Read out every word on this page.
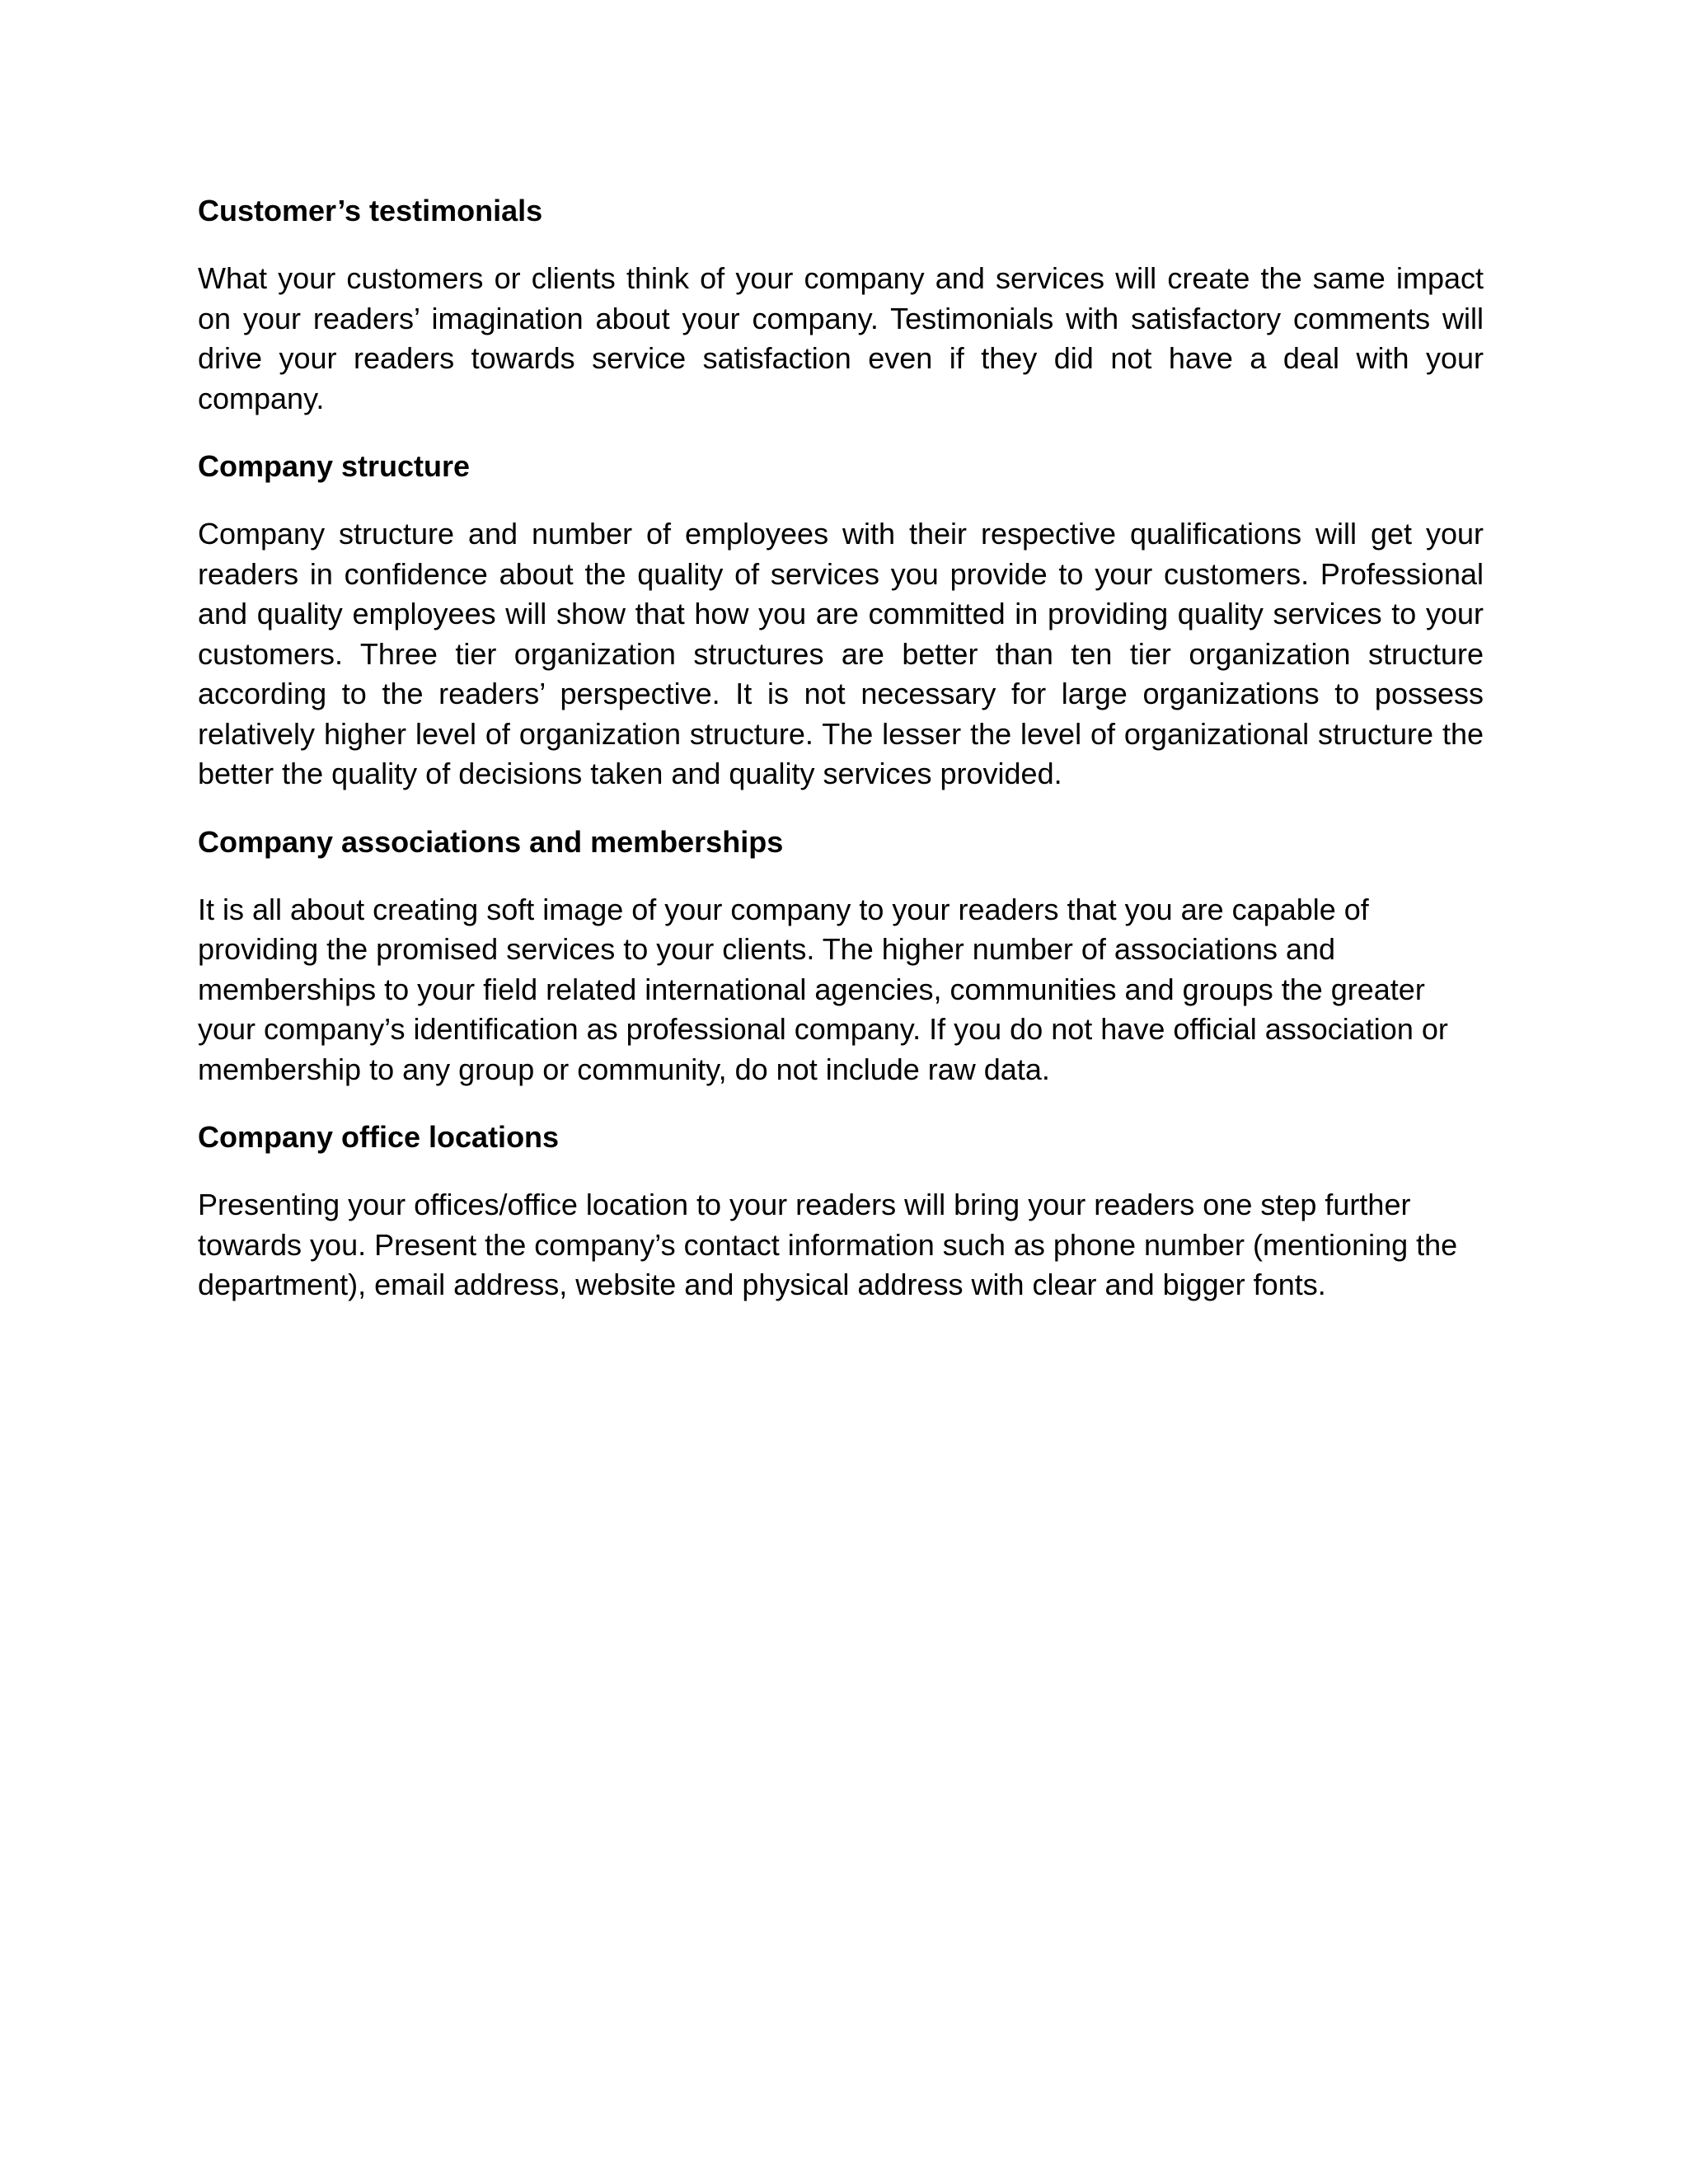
Customer’s testimonials

What your customers or clients think of your company and services will create the same impact on your readers’ imagination about your company. Testimonials with satisfactory comments will drive your readers towards service satisfaction even if they did not have a deal with your company.

Company structure

Company structure and number of employees with their respective qualifications will get your readers in confidence about the quality of services you provide to your customers. Professional and quality employees will show that how you are committed in providing quality services to your customers. Three tier organization structures are better than ten tier organization structure according to the readers’ perspective. It is not necessary for large organizations to possess relatively higher level of organization structure. The lesser the level of organizational structure the better the quality of decisions taken and quality services provided.

Company associations and memberships

It is all about creating soft image of your company to your readers that you are capable of providing the promised services to your clients. The higher number of associations and memberships to your field related international agencies, communities and groups the greater your company’s identification as professional company. If you do not have official association or membership to any group or community, do not include raw data.

Company office locations

Presenting your offices/office location to your readers will bring your readers one step further towards you. Present the company’s contact information such as phone number (mentioning the department), email address, website and physical address with clear and bigger fonts.
